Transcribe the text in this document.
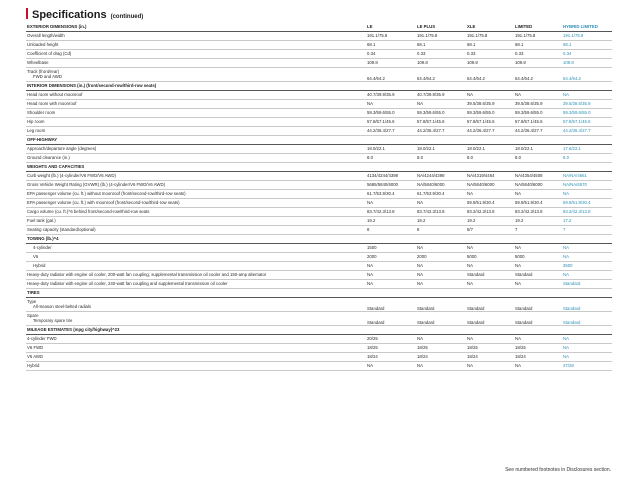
Specifications (continued)
EXTERIOR DIMENSIONS (in.)	LE	LE PLUS	XLE	LIMITED	HYBRID LIMITED
Overall length/width	191.1/75.8	191.1/75.8	191.1/75.8	191.1/75.8	191.1/75.8
Unloaded height	68.1	68.1	68.1	68.1	68.1
Coefficient of drag (Cd)	0.34	0.33	0.33	0.33	0.34
Wheelbase	109.8	109.8	109.8	109.8	109.8
Track (front/rear)
FWD and AWD	64.4/64.2	64.4/64.2	64.4/64.2	64.4/64.2	64.4/64.2
INTERIOR DIMENSIONS (in.) (front/second-row/third-row seats)					
Head room without moonroof	40.7/39.9/35.9	40.7/39.9/35.9	NA	NA	NA
Head room with moonroof	NA	NA	39.5/38.6/35.9	39.5/38.6/35.9	39.5/38.6/35.9
Shoulder room	59.3/59.6/55.0	59.3/59.6/55.0	59.3/59.6/55.0	59.3/59.6/55.0	59.3/59.6/55.0
Hip room	57.8/57.1/45.6	57.8/57.1/45.6	57.8/57.1/45.6	57.8/57.1/45.6	57.8/57.1/45.6
Leg room	44.2/36.4/27.7	44.2/36.4/27.7	44.2/36.4/27.7	44.2/36.4/27.7	44.2/36.4/27.7
OFF-HIGHWAY					
Approach/departure angle (degrees)	18.0/22.1	18.0/22.1	18.0/22.1	18.0/22.1	17.6/22.1
Ground clearance (in.)	8.0	8.0	8.0	8.0	8.0
WEIGHTS AND CAPACITIES					
Curb weight (lb.) (4-cylinder/V6 FWD/V6 AWD)	4134/4244/4398	NA/4244/4398	NA/4319/4464	NA/4354/4508	NA/NA/4661
Gross Vehicle Weight Rating (GVWR) (lb.) (4-cylinder/V6 FWD/V6 AWD)	5685/5840/6000	NA/5840/6000	NA/5840/6000	NA/5840/6000	NA/NA/6570
EPA passenger volume (cu. ft.) without moonroof (front/second-row/third-row seats)	61.7/53.9/30.4	61.7/53.9/30.4	NA	NA	NA
EPA passenger volume (cu. ft.) with moonroof (front/second-row/third-row seats)	NA	NA	59.9/51.9/30.4	59.9/51.9/30.4	59.9/51.9/30.4
Cargo volume (cu. ft.)^6 behind front/second-row/third-row seats	83.7/42.3/13.8	83.7/42.3/13.8	83.2/42.3/13.8	83.2/42.3/13.8	83.2/42.3/13.8
Fuel tank (gal.)	19.2	19.2	19.2	19.2	17.2
Seating capacity (standard/optional)	8	8	8/7	7	7
TOWING (lb.)^4					
4-cylinder	1500	NA	NA	NA	NA
V6	2000	2000	5000	5000	NA
Hybrid	NA	NA	NA	NA	3500
Heavy-duty radiator with engine oil cooler, 200-watt fan coupling, supplemental transmission oil cooler and 150-amp alternator	NA	NA	Standard	Standard	NA
Heavy-duty radiator with engine oil cooler, 240-watt fan coupling and supplemental transmission oil cooler	NA	NA	NA	NA	Standard
TIRES					
Type
All-Season steel-belted radials	Standard	Standard	Standard	Standard	Standard
Spare
Temporary spare tire	Standard	Standard	Standard	Standard	Standard
MILEAGE ESTIMATES (mpg city/highway)^23					
4-cylinder FWD	20/25	NA	NA	NA	NA
V6 FWD	18/25	18/25	18/25	18/25	NA
V6 AWD	18/24	18/24	18/24	18/24	NA
Hybrid	NA	NA	NA	NA	27/28
See numbered footnotes in Disclosures section.
